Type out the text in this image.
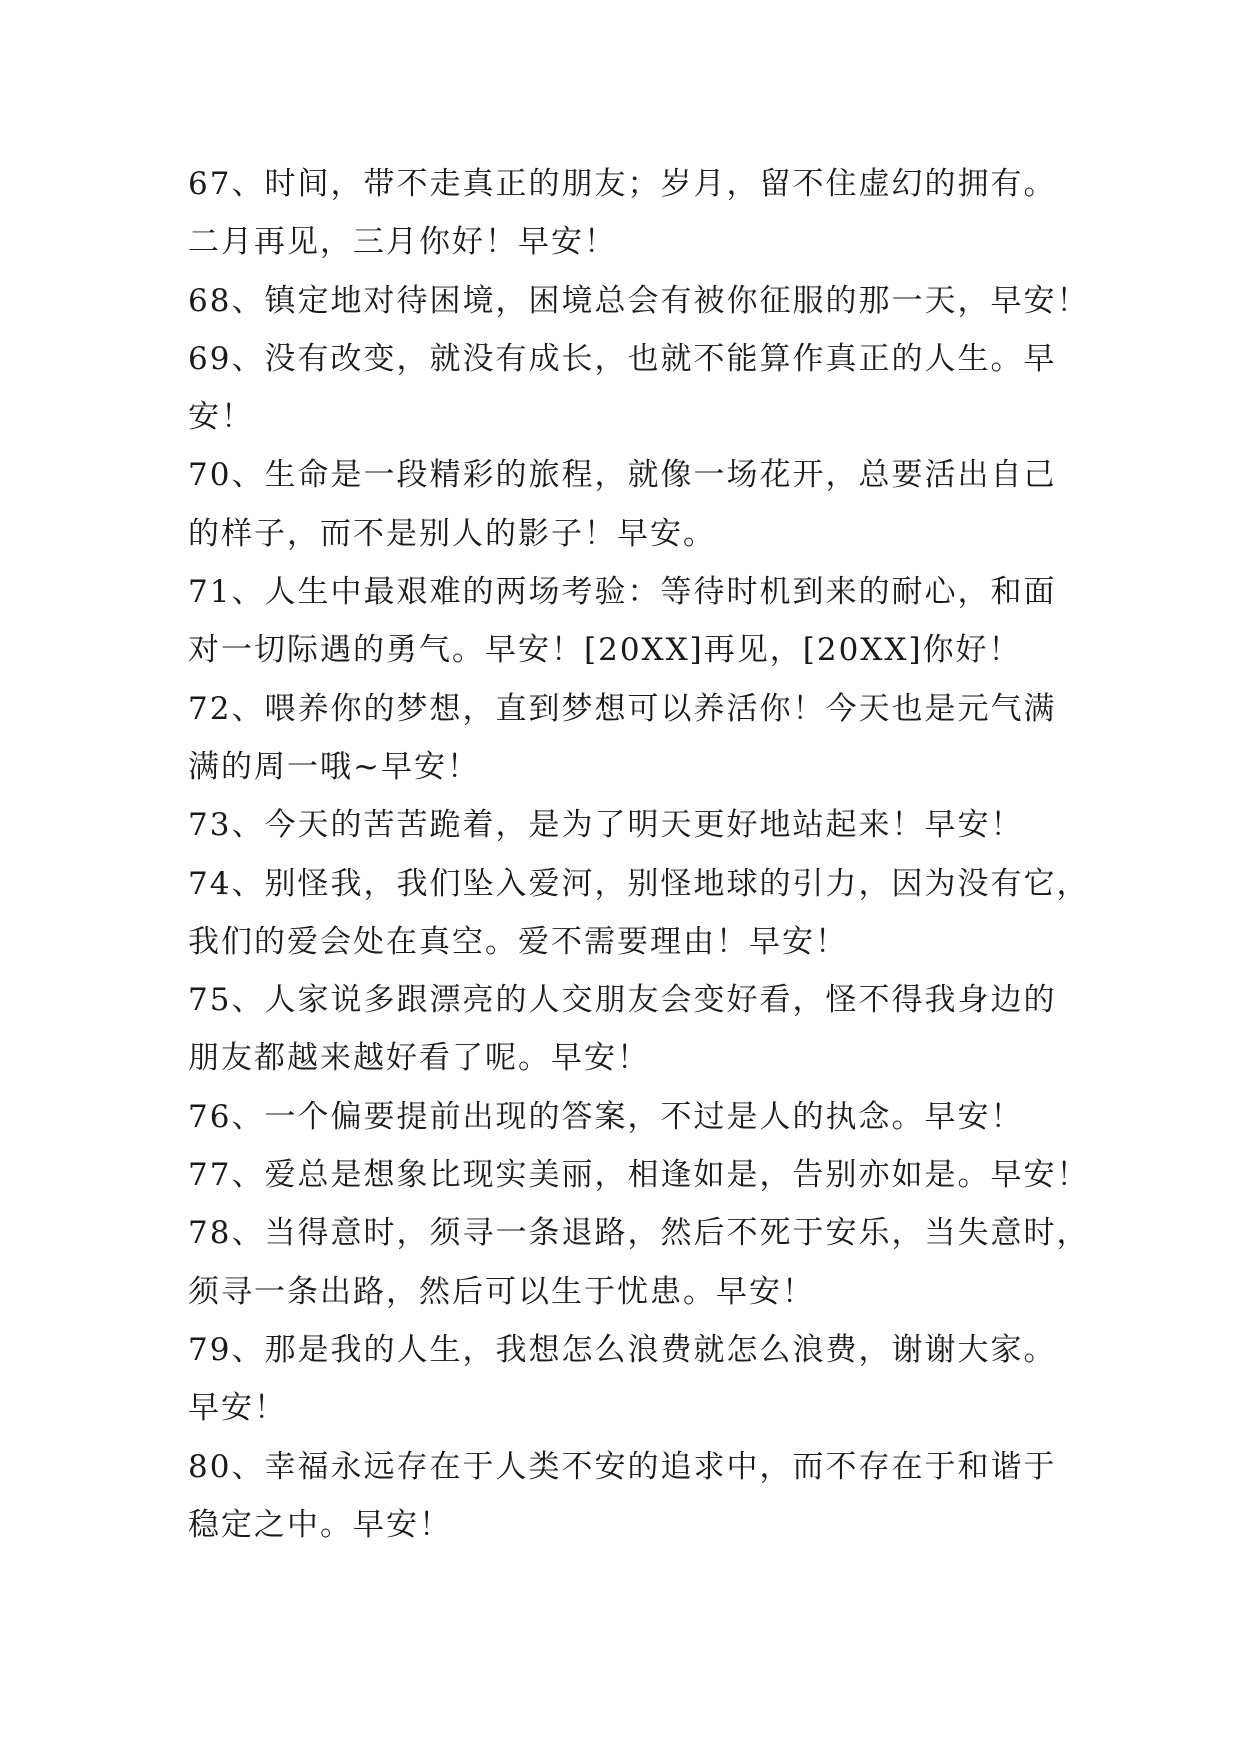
67、时间，带不走真正的朋友；岁月，留不住虚幻的拥有。
二月再见，三月你好！早安！

68、镇定地对待困境，困境总会有被你征服的那一天，早安！

69、没有改变，就没有成长，也就不能算作真正的人生。早
安！

70、生命是一段精彩的旅程，就像一场花开，总要活出自己
的样子，而不是别人的影子！早安。

71、人生中最艰难的两场考验：等待时机到来的耐心，和面
对一切际遇的勇气。早安！[20XX]再见，[20XX]你好！

72、喂养你的梦想，直到梦想可以养活你！今天也是元气满
满的周一哦~早安！

73、今天的苦苦跪着，是为了明天更好地站起来！早安！

74、别怪我，我们坠入爱河，别怪地球的引力，因为没有它，
我们的爱会处在真空。爱不需要理由！早安！

75、人家说多跟漂亮的人交朋友会变好看，怪不得我身边的
朋友都越来越好看了呢。早安！

76、一个偏要提前出现的答案，不过是人的执念。早安！

77、爱总是想象比现实美丽，相逢如是，告别亦如是。早安！

78、当得意时，须寻一条退路，然后不死于安乐，当失意时，
须寻一条出路，然后可以生于忧患。早安！

79、那是我的人生，我想怎么浪费就怎么浪费，谢谢大家。
早安！

80、幸福永远存在于人类不安的追求中，而不存在于和谐于
稳定之中。早安！
